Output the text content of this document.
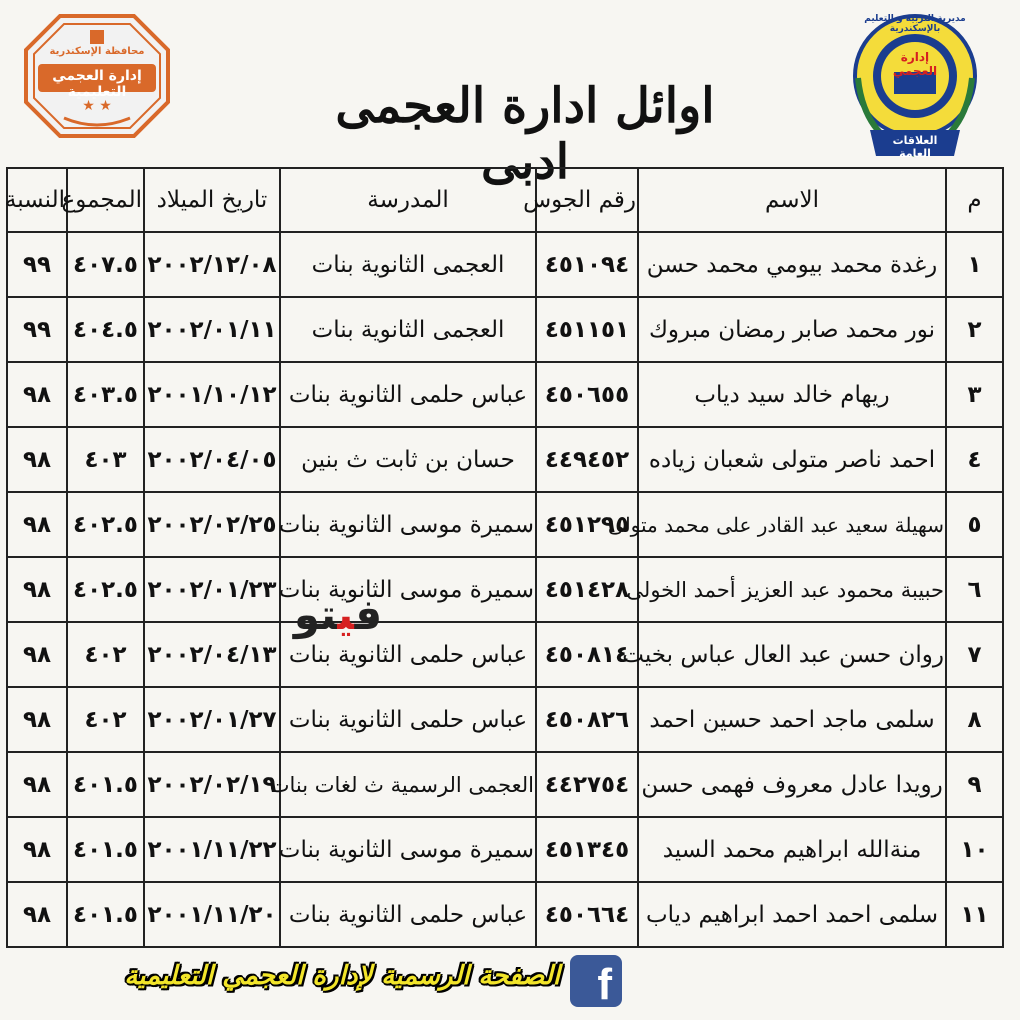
★ ★
محافظة الإسكندرية
إدارة العجمي التعليمية
مديرية التربية و التعليم بالإسكندرية
إدارة العجمي
العلاقات العامة
اوائل ادارة العجمى ادبى
م	الاسم	رقم الجوس	المدرسة	تاريخ الميلاد	المجموع	النسبة
١	رغدة محمد بيومي محمد حسن	٤٥١٠٩٤	العجمى الثانوية بنات	٢٠٠٢/١٢/٠٨	٤٠٧.٥	٩٩
٢	نور محمد صابر رمضان مبروك	٤٥١١٥١	العجمى الثانوية بنات	٢٠٠٢/٠١/١١	٤٠٤.٥	٩٩
٣	ريهام خالد سيد دياب	٤٥٠٦٥٥	عباس حلمى الثانوية بنات	٢٠٠١/١٠/١٢	٤٠٣.٥	٩٨
٤	احمد ناصر متولى شعبان زياده	٤٤٩٤٥٢	حسان بن ثابت ث بنين	٢٠٠٢/٠٤/٠٥	٤٠٣	٩٨
٥	سهيلة سعيد عبد القادر على محمد متولى	٤٥١٢٩٥	سميرة موسى الثانوية بنات	٢٠٠٢/٠٢/٢٥	٤٠٢.٥	٩٨
٦	حبيبة محمود عبد العزيز أحمد الخولى	٤٥١٤٢٨	سميرة موسى الثانوية بنات	٢٠٠٢/٠١/٢٣	٤٠٢.٥	٩٨
٧	روان حسن عبد العال عباس بخيت	٤٥٠٨١٤	عباس حلمى الثانوية بنات	٢٠٠٢/٠٤/١٣	٤٠٢	٩٨
٨	سلمى ماجد احمد حسين احمد	٤٥٠٨٢٦	عباس حلمى الثانوية بنات	٢٠٠٢/٠١/٢٧	٤٠٢	٩٨
٩	رويدا عادل معروف فهمى حسن	٤٤٢٧٥٤	العجمى الرسمية ث لغات بنات	٢٠٠٢/٠٢/١٩	٤٠١.٥	٩٨
١٠	منةالله ابراهيم محمد السيد	٤٥١٣٤٥	سميرة موسى الثانوية بنات	٢٠٠١/١١/٢٢	٤٠١.٥	٩٨
١١	سلمى احمد احمد ابراهيم دياب	٤٥٠٦٦٤	عباس حلمى الثانوية بنات	٢٠٠١/١١/٢٠	٤٠١.٥	٩٨
فيتو
f
الصفحة الرسمية لإدارة العجمي التعليمية
